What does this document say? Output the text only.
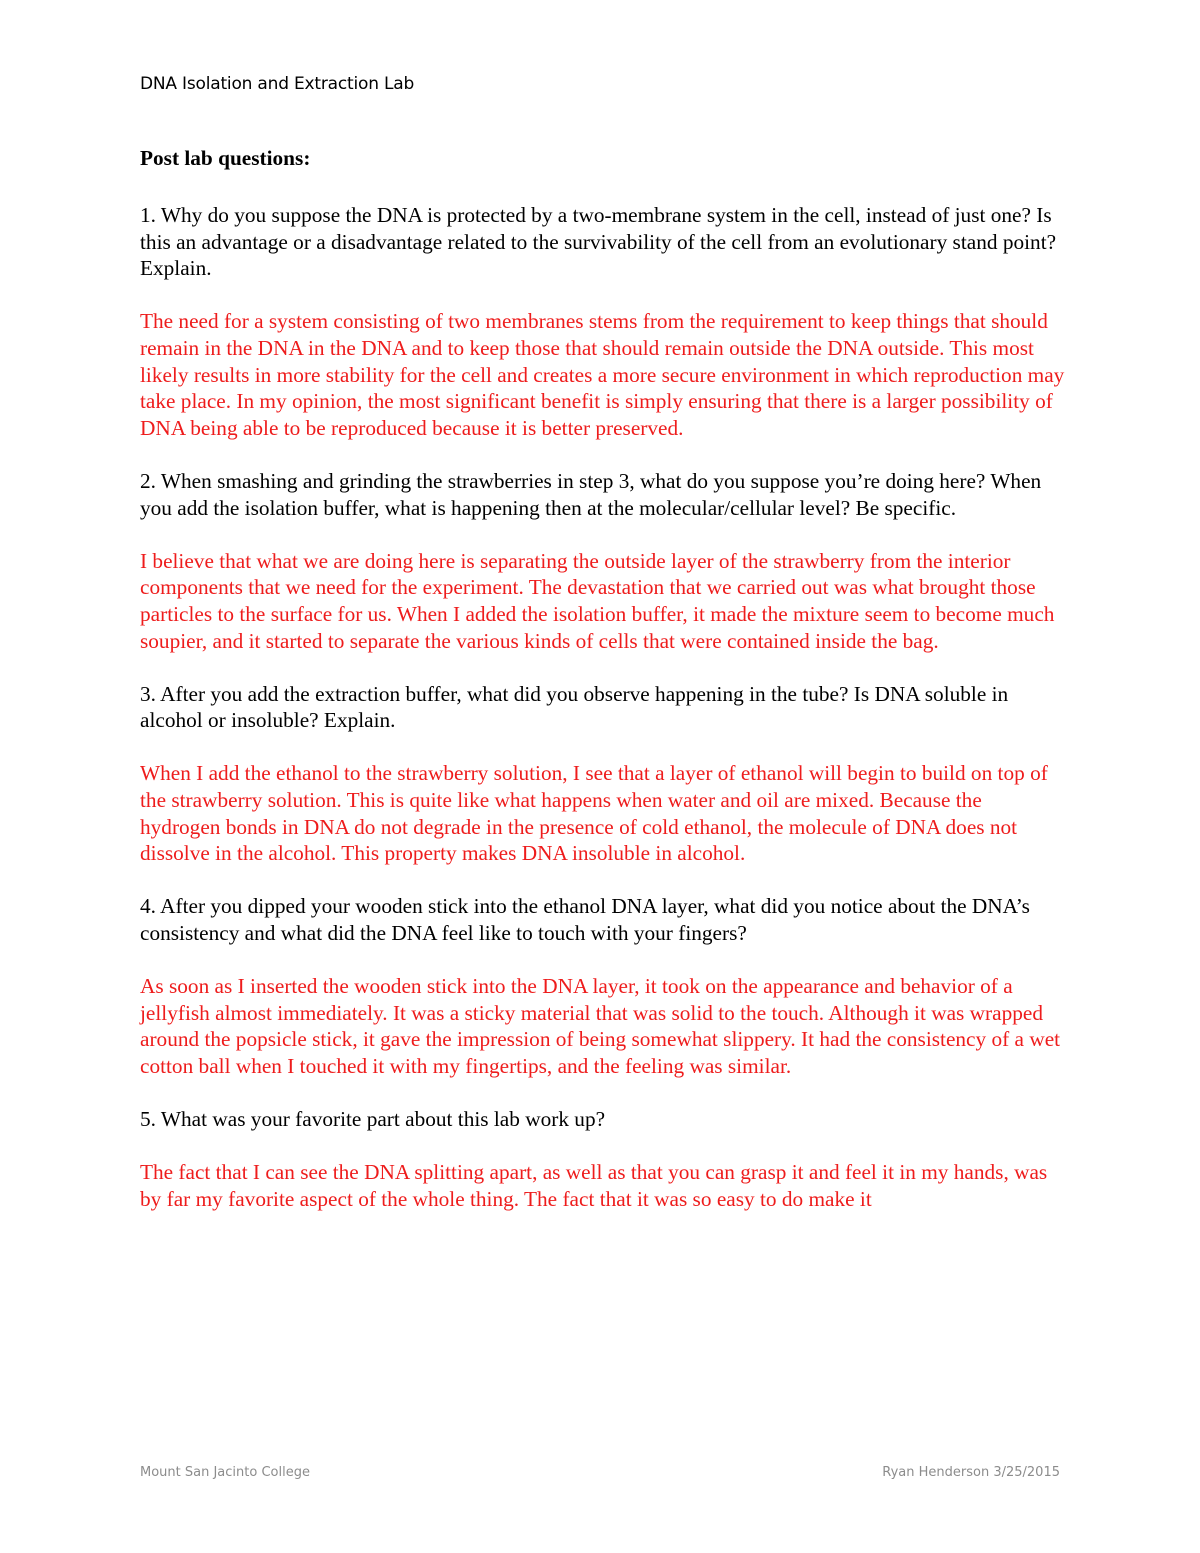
DNA Isolation and Extraction Lab
Post lab questions:
1. Why do you suppose the DNA is protected by a two-membrane system in the cell, instead of just one? Is this an advantage or a disadvantage related to the survivability of the cell from an evolutionary stand point? Explain.
The need for a system consisting of two membranes stems from the requirement to keep things that should remain in the DNA in the DNA and to keep those that should remain outside the DNA outside. This most likely results in more stability for the cell and creates a more secure environment in which reproduction may take place. In my opinion, the most significant benefit is simply ensuring that there is a larger possibility of DNA being able to be reproduced because it is better preserved.
2. When smashing and grinding the strawberries in step 3, what do you suppose you’re doing here? When you add the isolation buffer, what is happening then at the molecular/cellular level? Be specific.
I believe that what we are doing here is separating the outside layer of the strawberry from the interior components that we need for the experiment. The devastation that we carried out was what brought those particles to the surface for us. When I added the isolation buffer, it made the mixture seem to become much soupier, and it started to separate the various kinds of cells that were contained inside the bag.
3. After you add the extraction buffer, what did you observe happening in the tube? Is DNA soluble in alcohol or insoluble? Explain.
When I add the ethanol to the strawberry solution, I see that a layer of ethanol will begin to build on top of the strawberry solution. This is quite like what happens when water and oil are mixed. Because the hydrogen bonds in DNA do not degrade in the presence of cold ethanol, the molecule of DNA does not dissolve in the alcohol. This property makes DNA insoluble in alcohol.
4. After you dipped your wooden stick into the ethanol DNA layer, what did you notice about the DNA’s consistency and what did the DNA feel like to touch with your fingers?
As soon as I inserted the wooden stick into the DNA layer, it took on the appearance and behavior of a jellyfish almost immediately. It was a sticky material that was solid to the touch. Although it was wrapped around the popsicle stick, it gave the impression of being somewhat slippery. It had the consistency of a wet cotton ball when I touched it with my fingertips, and the feeling was similar.
5. What was your favorite part about this lab work up?
The fact that I can see the DNA splitting apart, as well as that you can grasp it and feel it in my hands, was by far my favorite aspect of the whole thing. The fact that it was so easy to do make it
Mount San Jacinto College	Ryan Henderson 3/25/2015
